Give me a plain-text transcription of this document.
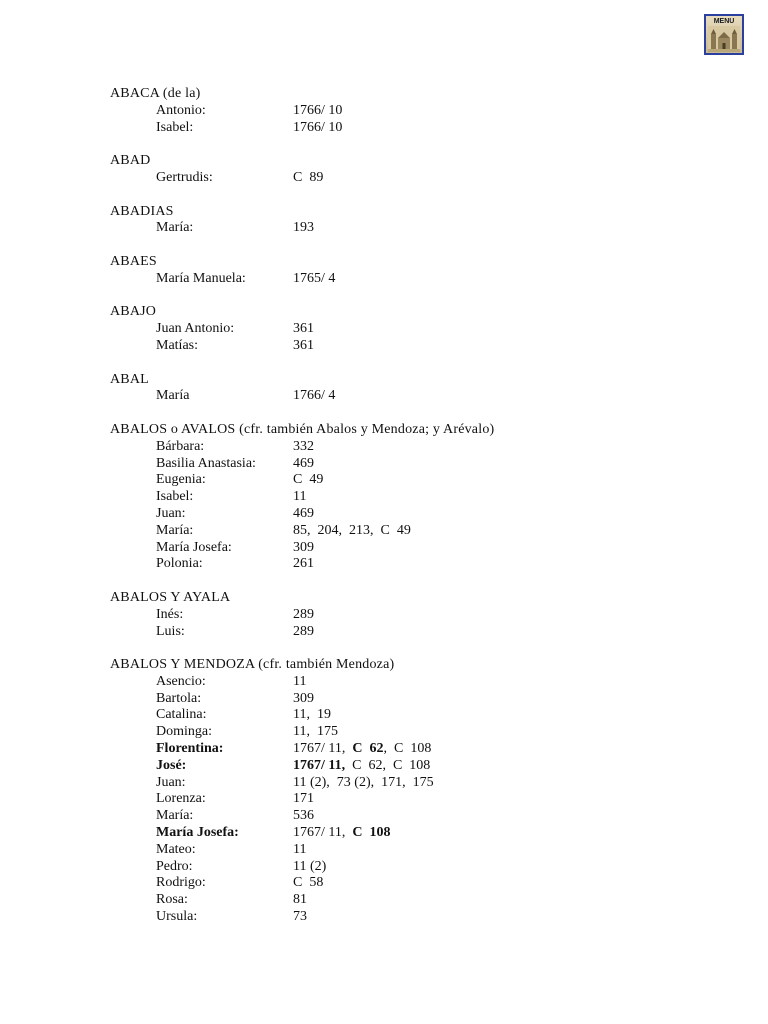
MENU
ABACA (de la)
Antonio:	1766/ 10
Isabel:	1766/ 10
ABAD
Gertrudis:	C  89
ABADIAS
María:	193
ABAES
María Manuela:	1765/ 4
ABAJO
Juan Antonio:	361
Matías:	361
ABAL
María	1766/ 4
ABALOS o AVALOS (cfr. también Abalos y Mendoza; y Arévalo)
Bárbara:	332
Basilia Anastasia:	469
Eugenia:	C  49
Isabel:	11
Juan:	469
María:	85,  204,  213,  C  49
María Josefa:	309
Polonia:	261
ABALOS Y AYALA
Inés:	289
Luis:	289
ABALOS Y MENDOZA (cfr. también Mendoza)
Asencio:	11
Bartola:	309
Catalina:	11,  19
Dominga:	11,  175
Florentina:	1767/ 11,  C  62,  C  108
José:	1767/ 11,  C  62,  C  108
Juan:	11 (2),  73 (2),  171,  175
Lorenza:	171
María:	536
María Josefa:	1767/ 11,  C  108
Mateo:	11
Pedro:	11 (2)
Rodrigo:	C  58
Rosa:	81
Ursula:	73
